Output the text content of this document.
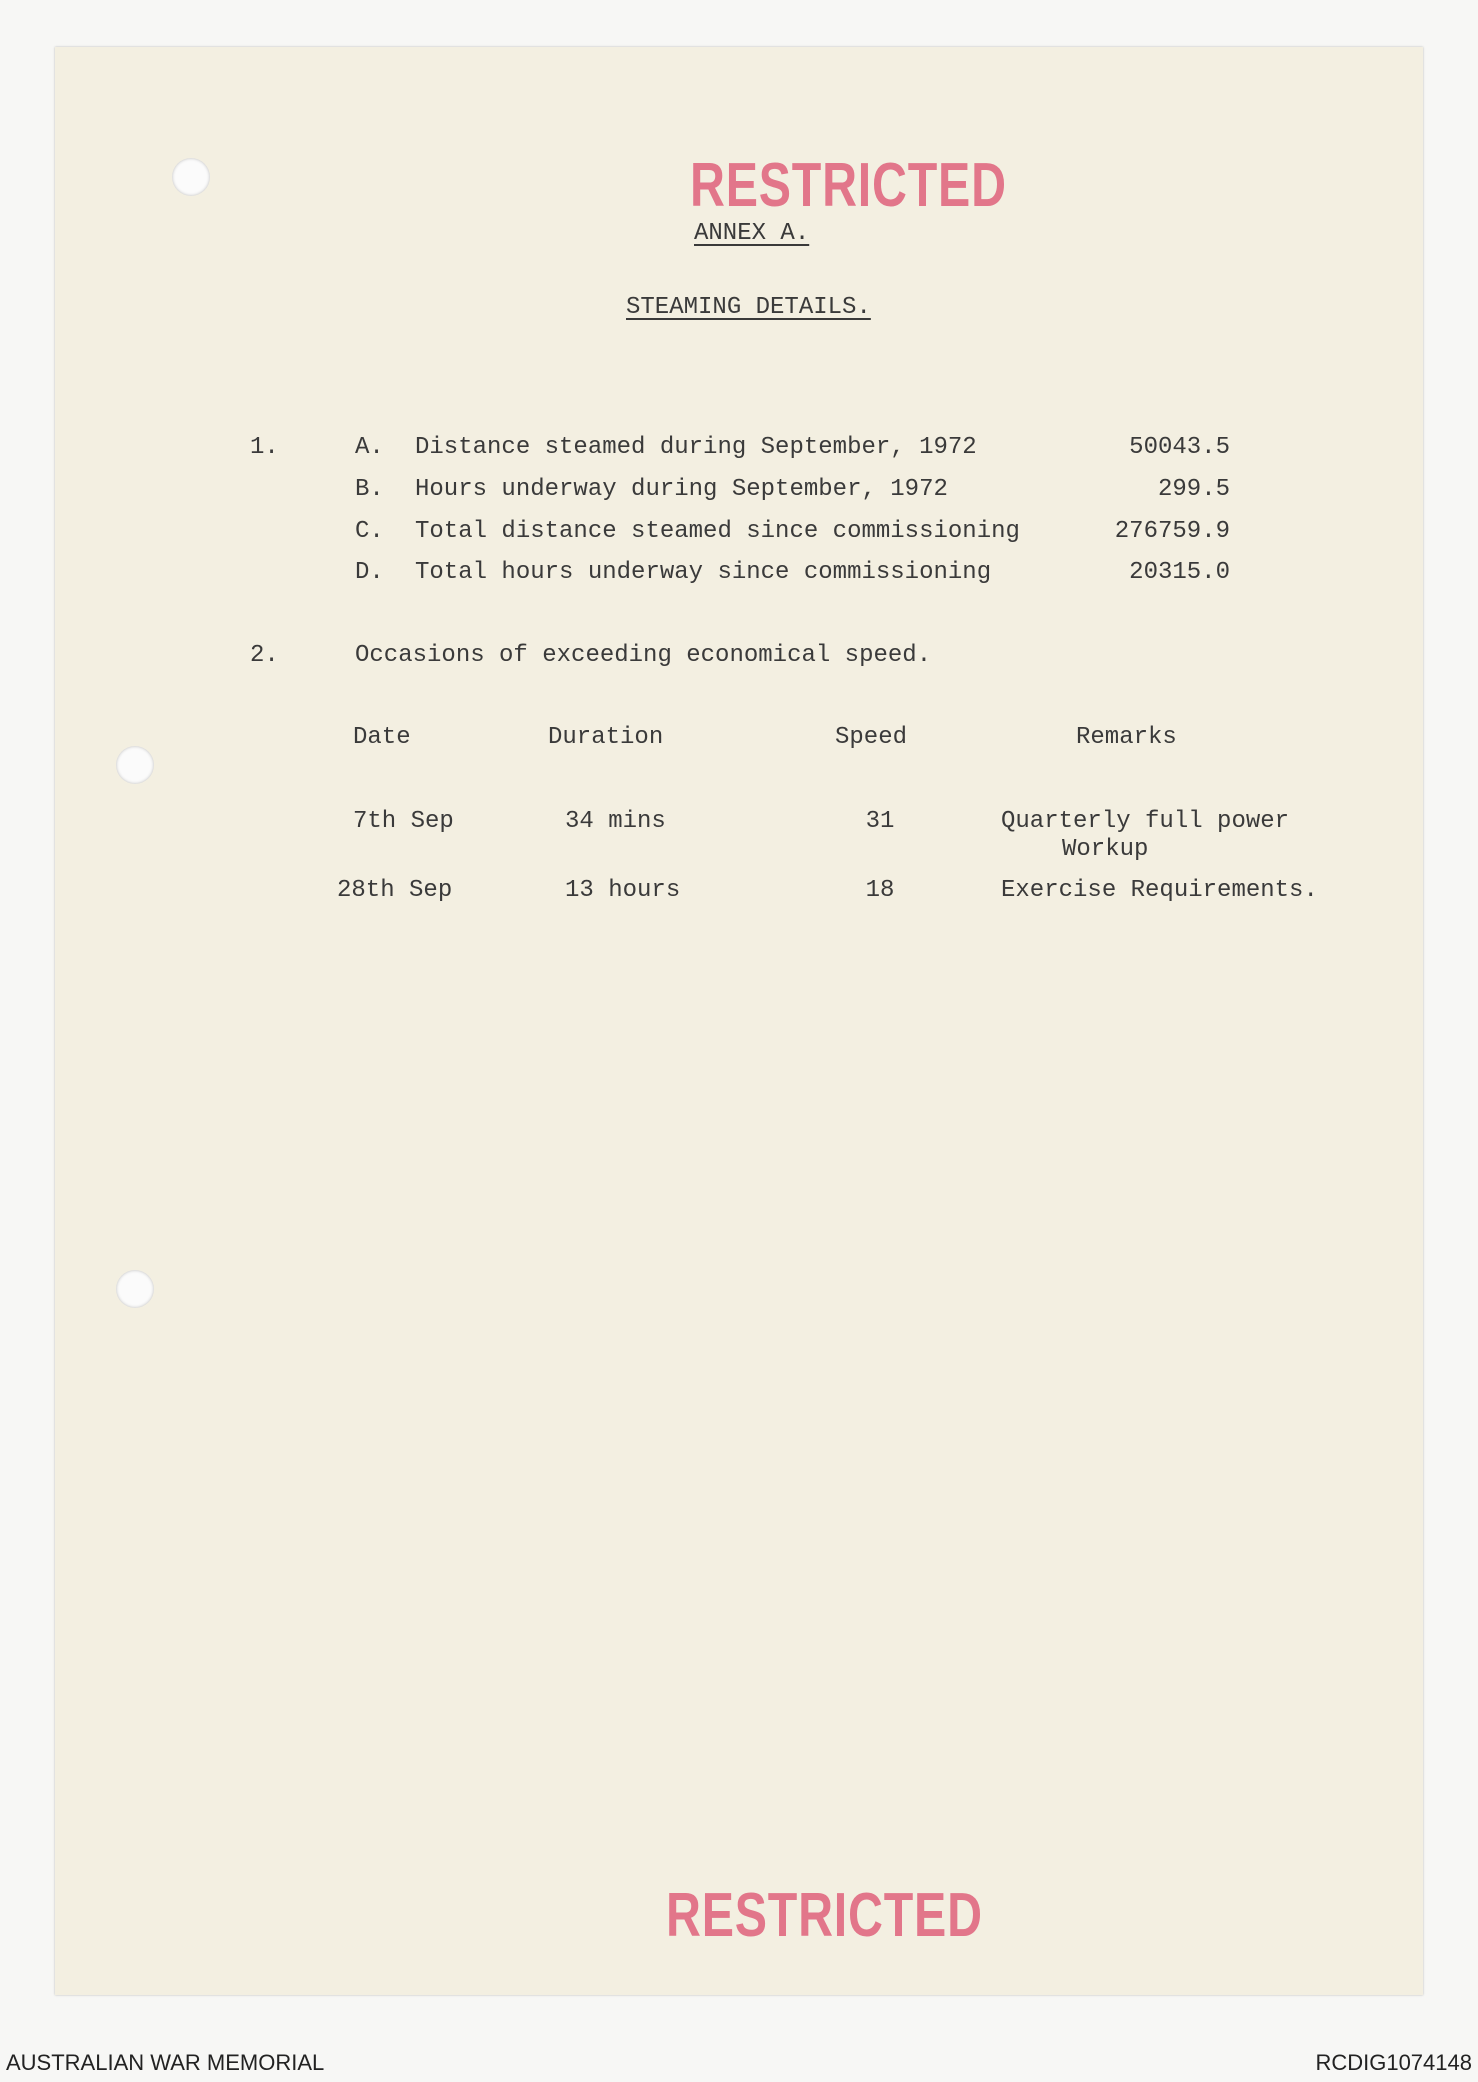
RESTRICTED
ANNEX A.
STEAMING DETAILS.
1.	A. Distance steamed during September, 1972	50043.5
B. Hours underway during September, 1972	299.5
C. Total distance steamed since commissioning	276759.9
D. Total hours underway since commissioning	20315.0
2.	Occasions of exceeding economical speed.
Date	Duration	Speed	Remarks
7th Sep	34 mins	31	Quarterly full power
Workup
28th Sep	13 hours	18	Exercise Requirements.
RESTRICTED
AUSTRALIAN WAR MEMORIAL	RCDIG1074148
